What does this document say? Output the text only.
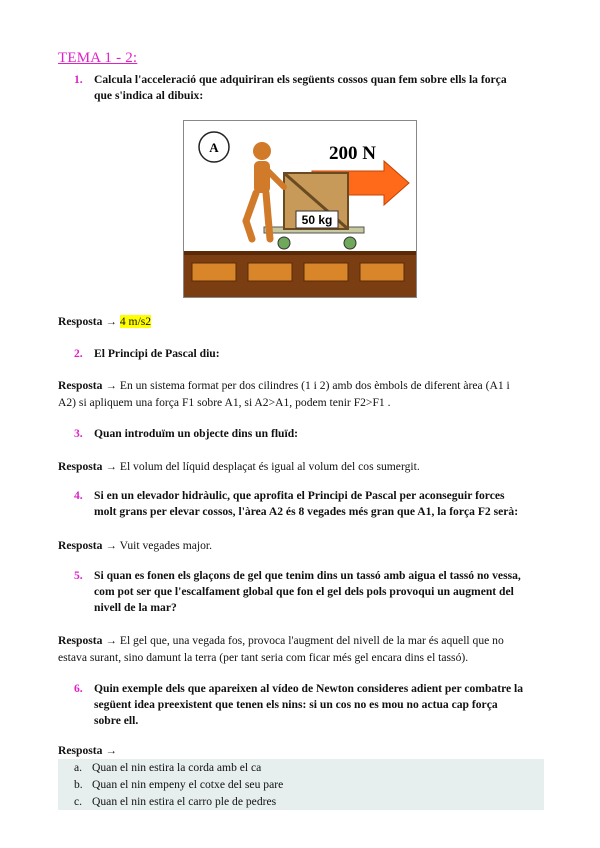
TEMA 1 - 2:
1. Calcula l'acceleració que adquiriran els següents cossos quan fem sobre ells la força
que s'indica al dibuix:
A	200 N
50 kg
Resposta → 4 m/s2
2. El Principi de Pascal diu:
Resposta → En un sistema format per dos cilindres (1 i 2) amb dos èmbols de diferent àrea (A1 i
A2) si apliquem una força F1 sobre A1, si A2>A1, podem tenir F2>F1 .
3. Quan introduïm un objecte dins un fluïd:
Resposta → El volum del líquid desplaçat és igual al volum del cos sumergit.
4. Si en un elevador hidràulic, que aprofita el Principi de Pascal per aconseguir forces
molt grans per elevar cossos, l'àrea A2 és 8 vegades més gran que A1, la força F2 serà:
Resposta → Vuit vegades major.
5. Si quan es fonen els glaçons de gel que tenim dins un tassó amb aigua el tassó no vessa,
com pot ser que l'escalfament global que fon el gel dels pols provoqui un augment del
nivell de la mar?
Resposta → El gel que, una vegada fos, provoca l'augment del nivell de la mar és aquell que no
estava surant, sino damunt la terra (per tant seria com ficar més gel encara dins el tassó).
6. Quin exemple dels que apareixen al vídeo de Newton consideres adient per combatre la
següent idea preexistent que tenen els nins: si un cos no es mou no actua cap força
sobre ell.
Resposta →
a. Quan el nin estira la corda amb el ca
b. Quan el nin empeny el cotxe del seu pare
c. Quan el nin estira el carro ple de pedres
